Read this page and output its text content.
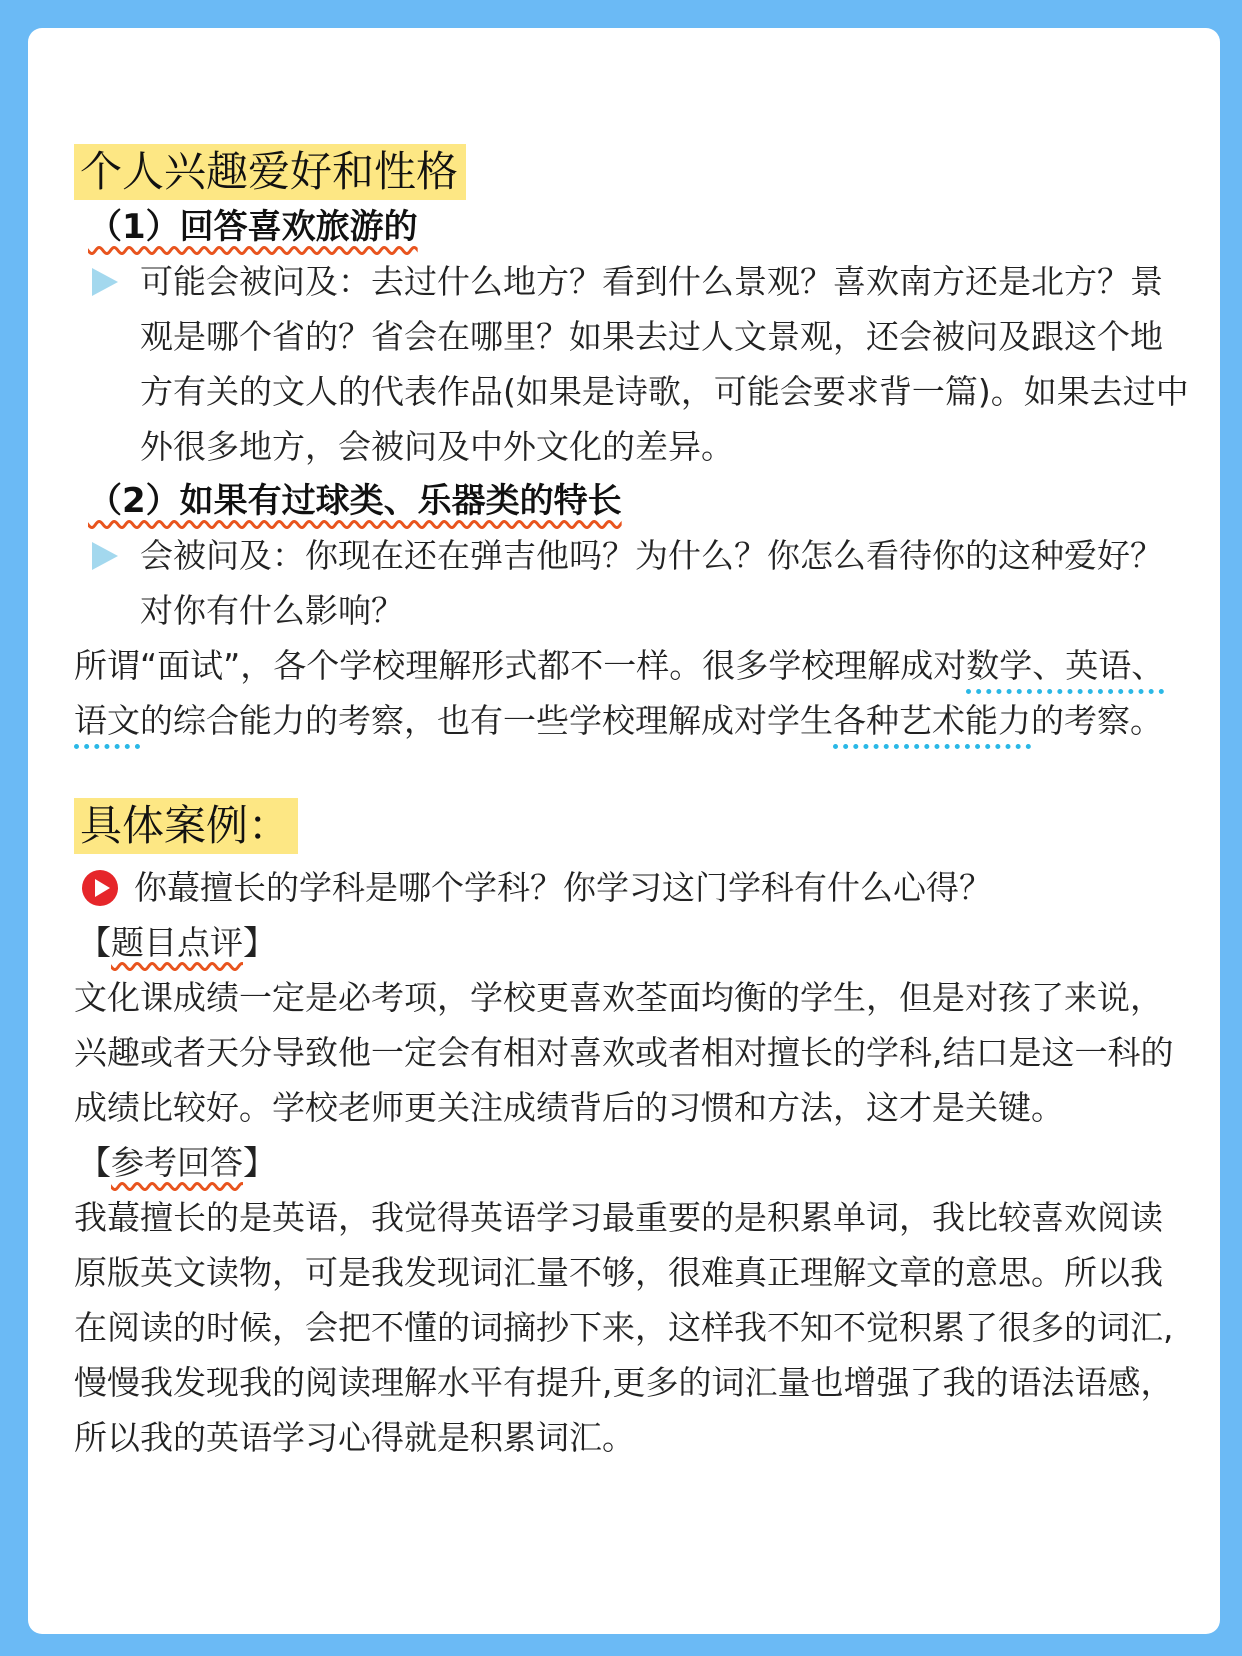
个人兴趣爱好和性格
（1）回答喜欢旅游的
可能会被问及：去过什么地方？看到什么景观？喜欢南方还是北方？景观是哪个省的？省会在哪里？如果去过人文景观，还会被问及跟这个地方有关的文人的代表作品(如果是诗歌，可能会要求背一篇)。如果去过中外很多地方，会被问及中外文化的差异。
（2）如果有过球类、乐器类的特长
会被问及：你现在还在弹吉他吗？为什么？你怎么看待你的这种爱好？对你有什么影响？
所谓“面试”，各个学校理解形式都不一样。很多学校理解成对数学、英语、语文的综合能力的考察，也有一些学校理解成对学生各种艺术能力的考察。
具体案例：
你蕞擅长的学科是哪个学科？你学习这门学科有什么心得？
【题目点评】
文化课成绩一定是必考项，学校更喜欢荃面均衡的学生，但是对孩了来说，兴趣或者天分导致他一定会有相对喜欢或者相对擅长的学科,结口是这一科的成绩比较好。学校老师更关注成绩背后的习惯和方法，这才是关键。
【参考回答】
我蕞擅长的是英语，我觉得英语学习最重要的是积累单词，我比较喜欢阅读原版英文读物，可是我发现词汇量不够，很难真正理解文章的意思。所以我在阅读的时候，会把不懂的词摘抄下来，这样我不知不觉积累了很多的词汇,慢慢我发现我的阅读理解水平有提升,更多的词汇量也增强了我的语法语感，所以我的英语学习心得就是积累词汇。
